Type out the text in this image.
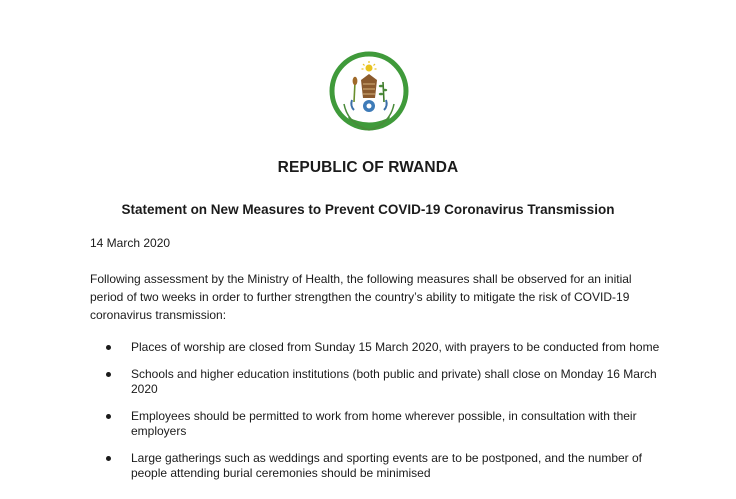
REPUBLIC OF RWANDA
Statement on New Measures to Prevent COVID-19 Coronavirus Transmission
14 March 2020
Following assessment by the Ministry of Health, the following measures shall be observed for an initial period of two weeks in order to further strengthen the country’s ability to mitigate the risk of COVID-19 coronavirus transmission:
Places of worship are closed from Sunday 15 March 2020, with prayers to be conducted from home
Schools and higher education institutions (both public and private) shall close on Monday 16 March 2020
Employees should be permitted to work from home wherever possible, in consultation with their employers
Large gatherings such as weddings and sporting events are to be postponed, and the number of people attending burial ceremonies should be minimised
